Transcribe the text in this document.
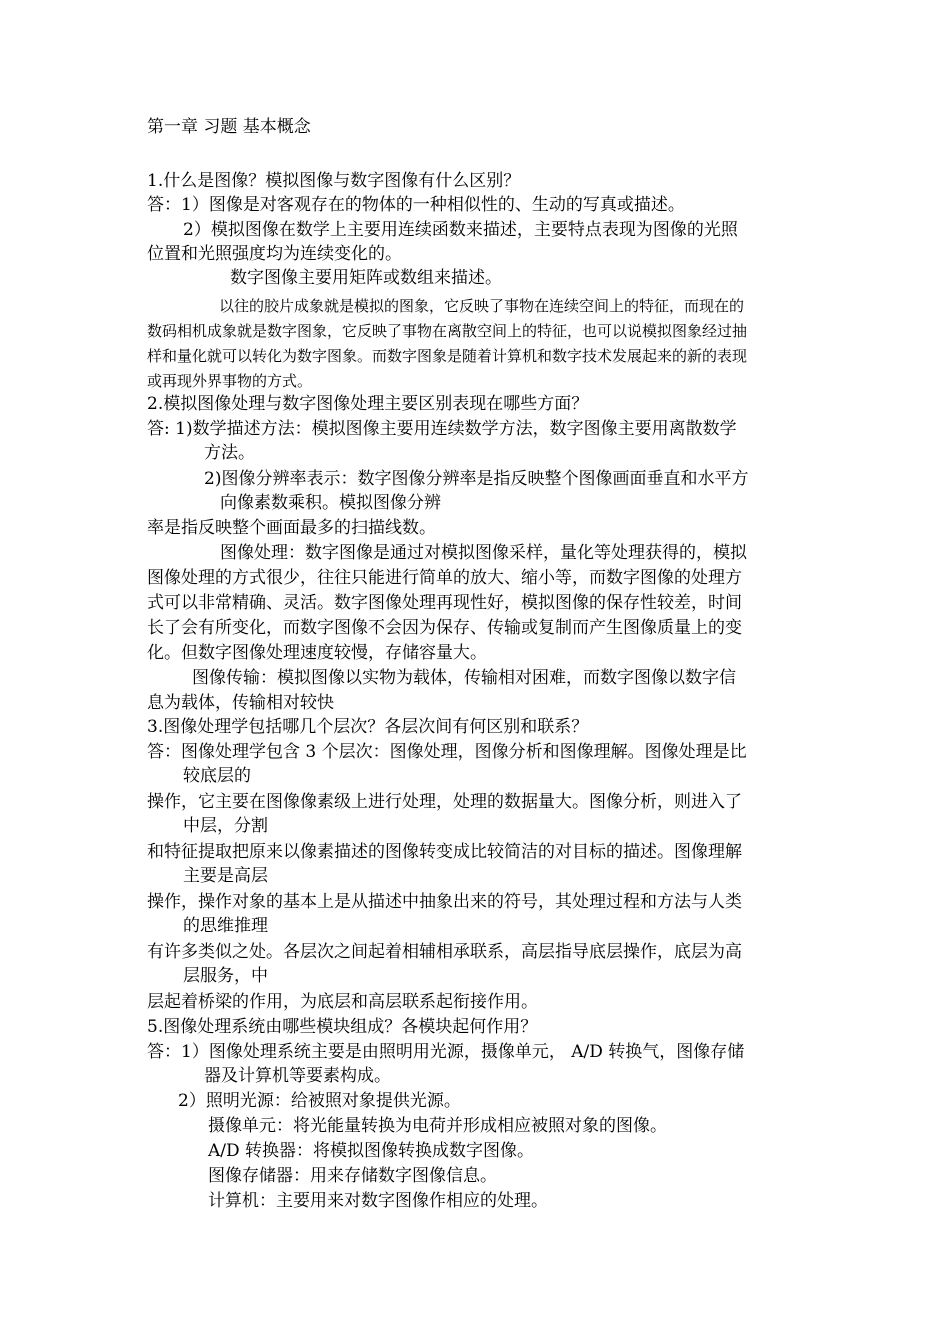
第一章 习题 基本概念
1.什么是图像？模拟图像与数字图像有什么区别？
答：1）图像是对客观存在的物体的一种相似性的、生动的写真或描述。
2）模拟图像在数学上主要用连续函数来描述，主要特点表现为图像的光照
位置和光照强度均为连续变化的。
数字图像主要用矩阵或数组来描述。
以往的胶片成象就是模拟的图象，它反映了事物在连续空间上的特征，而现在的
数码相机成象就是数字图象，它反映了事物在离散空间上的特征，也可以说模拟图象经过抽
样和量化就可以转化为数字图象。而数字图象是随着计算机和数字技术发展起来的新的表现
或再现外界事物的方式。
2.模拟图像处理与数字图像处理主要区别表现在哪些方面？
答: 1)数学描述方法：模拟图像主要用连续数学方法，数字图像主要用离散数学
方法。
2)图像分辨率表示：数字图像分辨率是指反映整个图像画面垂直和水平方
向像素数乘积。模拟图像分辨
率是指反映整个画面最多的扫描线数。
图像处理：数字图像是通过对模拟图像采样，量化等处理获得的，模拟
图像处理的方式很少，往往只能进行简单的放大、缩小等，而数字图像的处理方
式可以非常精确、灵活。数字图像处理再现性好，模拟图像的保存性较差，时间
长了会有所变化，而数字图像不会因为保存、传输或复制而产生图像质量上的变
化。但数字图像处理速度较慢，存储容量大。
图像传输：模拟图像以实物为载体，传输相对困难，而数字图像以数字信
息为载体，传输相对较快
3.图像处理学包括哪几个层次？各层次间有何区别和联系？
答：图像处理学包含 3 个层次：图像处理，图像分析和图像理解。图像处理是比
较底层的
操作，它主要在图像像素级上进行处理，处理的数据量大。图像分析，则进入了
中层，分割
和特征提取把原来以像素描述的图像转变成比较简洁的对目标的描述。图像理解
主要是高层
操作，操作对象的基本上是从描述中抽象出来的符号，其处理过程和方法与人类
的思维推理
有许多类似之处。各层次之间起着相辅相承联系，高层指导底层操作，底层为高
层服务，中
层起着桥梁的作用，为底层和高层联系起衔接作用。
5.图像处理系统由哪些模块组成？各模块起何作用？
答：1）图像处理系统主要是由照明用光源，摄像单元， A/D 转换气，图像存储
器及计算机等要素构成。
2）照明光源：给被照对象提供光源。
摄像单元：将光能量转换为电荷并形成相应被照对象的图像。
A/D 转换器：将模拟图像转换成数字图像。
图像存储器：用来存储数字图像信息。
计算机：主要用来对数字图像作相应的处理。
